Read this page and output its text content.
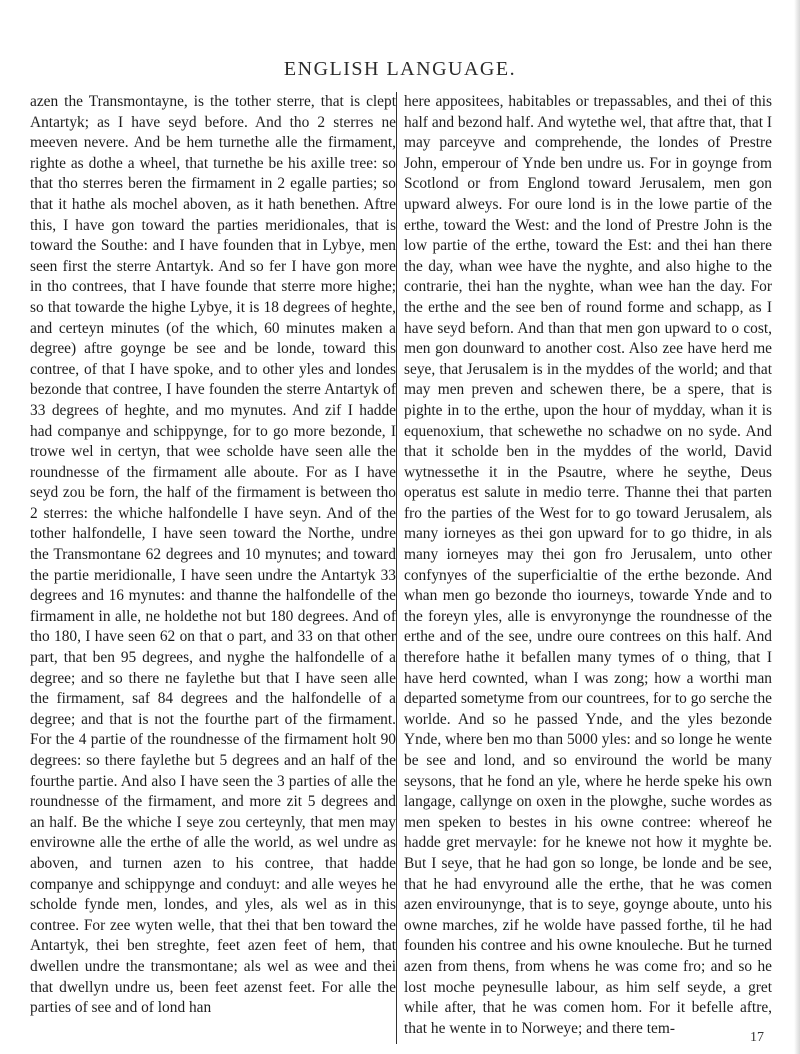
ENGLISH LANGUAGE.
azen the Transmontayne, is the tother sterre, that is clept Antartyk; as I have seyd before. And tho 2 sterres ne meeven nevere. And be hem turnethe alle the firmament, righte as dothe a wheel, that turnethe be his axille tree: so that tho sterres beren the firmament in 2 egalle parties; so that it hathe als mochel aboven, as it hath benethen. Aftre this, I have gon toward the parties meridionales, that is toward the Southe: and I have founden that in Lybye, men seen first the sterre Antartyk. And so fer I have gon more in tho contrees, that I have founde that sterre more highe; so that towarde the highe Lybye, it is 18 degrees of heghte, and certeyn minutes (of the which, 60 minutes maken a degree) aftre goynge be see and be londe, toward this contree, of that I have spoke, and to other yles and londes bezonde that contree, I have founden the sterre Antartyk of 33 degrees of heghte, and mo mynutes. And zif I hadde had companye and schippynge, for to go more bezonde, I trowe wel in certyn, that wee scholde have seen alle the roundnesse of the firmament alle aboute. For as I have seyd zou be forn, the half of the firmament is between tho 2 sterres: the whiche halfondelle I have seyn. And of the tother halfondelle, I have seen toward the Northe, undre the Transmontane 62 degrees and 10 mynutes; and toward the partie meridionalle, I have seen undre the Antartyk 33 degrees and 16 mynutes: and thanne the halfondelle of the firmament in alle, ne holdethe not but 180 degrees. And of tho 180, I have seen 62 on that o part, and 33 on that other part, that ben 95 degrees, and nyghe the halfondelle of a degree; and so there ne faylethe but that I have seen alle the firmament, saf 84 degrees and the halfondelle of a degree; and that is not the fourthe part of the firmament. For the 4 partie of the roundnesse of the firmament holt 90 degrees: so there faylethe but 5 degrees and an half of the fourthe partie. And also I have seen the 3 parties of alle the roundnesse of the firmament, and more zit 5 degrees and an half. Be the whiche I seye zou certeynly, that men may envirowne alle the erthe of alle the world, as wel undre as aboven, and turnen azen to his contree, that hadde companye and schippynge and conduyt: and alle weyes he scholde fynde men, londes, and yles, als wel as in this contree. For zee wyten welle, that thei that ben toward the Antartyk, thei ben streghte, feet azen feet of hem, that dwellen undre the transmontane; als wel as wee and thei that dwellyn undre us, been feet azenst feet. For alle the parties of see and of lond han
here appositees, habitables or trepassables, and thei of this half and bezond half. And wytethe wel, that aftre that, that I may parceyve and comprehende, the londes of Prestre John, emperour of Ynde ben undre us. For in goynge from Scotlond or from Englond toward Jerusalem, men gon upward alweys. For oure lond is in the lowe partie of the erthe, toward the West: and the lond of Prestre John is the low partie of the erthe, toward the Est: and thei han there the day, whan wee have the nyghte, and also highe to the contrarie, thei han the nyghte, whan wee han the day. For the erthe and the see ben of round forme and schapp, as I have seyd beforn. And than that men gon upward to o cost, men gon dounward to another cost. Also zee have herd me seye, that Jerusalem is in the myddes of the world; and that may men preven and schewen there, be a spere, that is pighte in to the erthe, upon the hour of mydday, whan it is equenoxium, that schewethe no schadwe on no syde. And that it scholde ben in the myddes of the world, David wytnessethe it in the Psautre, where he seythe, Deus operatus est salute in medio terre. Thanne thei that parten fro the parties of the West for to go toward Jerusalem, als many iorneyes as thei gon upward for to go thidre, in als many iorneyes may thei gon fro Jerusalem, unto other confynyes of the superficialtie of the erthe bezonde. And whan men go bezonde tho iourneys, towarde Ynde and to the foreyn yles, alle is envyronynge the roundnesse of the erthe and of the see, undre oure contrees on this half. And therefore hathe it befallen many tymes of o thing, that I have herd cownted, whan I was zong; how a worthi man departed sometyme from our countrees, for to go serche the worlde. And so he passed Ynde, and the yles bezonde Ynde, where ben mo than 5000 yles: and so longe he wente be see and lond, and so enviround the world be many seysons, that he fond an yle, where he herde speke his own langage, callynge on oxen in the plowghe, suche wordes as men speken to bestes in his owne contree: whereof he hadde gret mervayle: for he knewe not how it myghte be. But I seye, that he had gon so longe, be londe and be see, that he had envyround alle the erthe, that he was comen azen envirounynge, that is to seye, goynge aboute, unto his owne marches, zif he wolde have passed forthe, til he had founden his contree and his owne knouleche. But he turned azen from thens, from whens he was come fro; and so he lost moche peynesulle labour, as him self seyde, a gret while after, that he was comen hom. For it befelle aftre, that he wente in to Norweye; and there tem-
17
